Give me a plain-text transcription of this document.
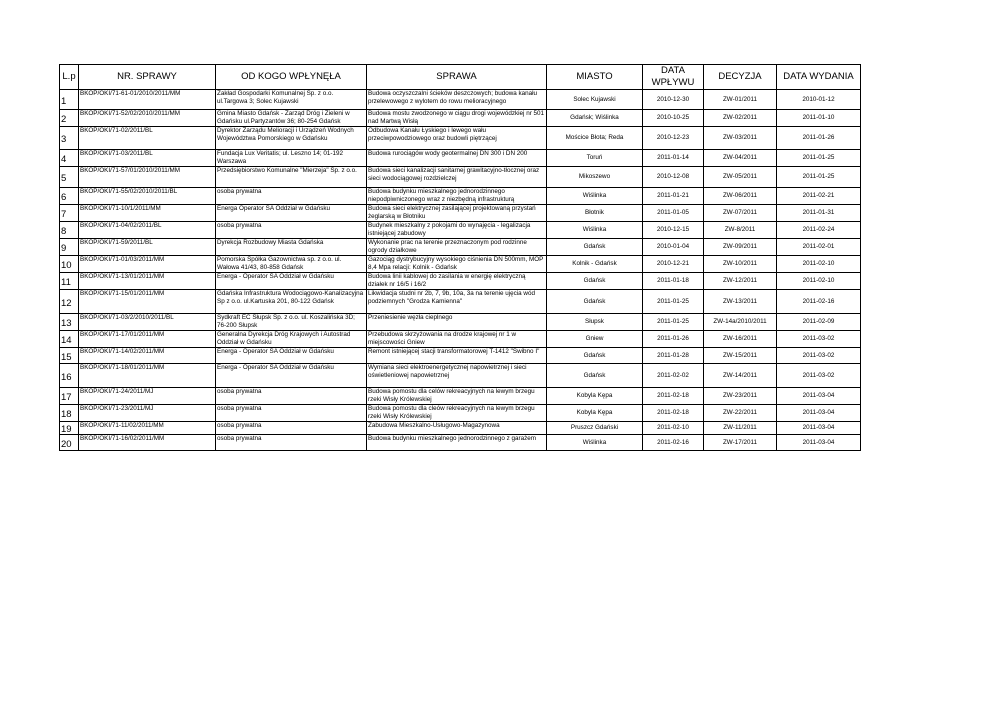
L.p	NR. SPRAWY	OD KOGO WPŁYNĘŁA	SPRAWA	MIASTO	DATA WPŁYWU	DECYZJA	DATA WYDANIA
1	BKOP/OKI/71-61-01/2010/2011/MM	Zakład Gospodarki Komunalnej Sp. z o.o. ul.Targowa 3; Solec Kujawski	Budowa oczyszczalni ścieków deszczowych; budowa kanału przelewowego z wylotem do rowu melioracyjnego	Solec Kujawski	2010-12-30	ZW-01/2011	2010-01-12
2	BKOP/OKI/71-52/02/2010/2011/MM	Gmina Miasto Gdańsk - Zarząd Dróg i Zieleni w Gdańsku ul.Partyzantów 36; 80-254 Gdańsk	Budowa mostu zwodzonego w ciągu drogi wojewódzkiej nr 501 nad Martwą Wisłą	Gdańsk; Wiślinka	2010-10-25	ZW-02/2011	2011-01-10
3	BKOP/OKI/71-02/2011/BL	Dyrektor Zarządu Melioracji i Urządzeń Wodnych Województwa Pomorskiego w Gdańsku	Odbudowa Kanału Łyskiego i lewego wału przeciwpowodziowego oraz budowli piętrzącej	Mościce Błota; Reda	2010-12-23	ZW-03/2011	2011-01-26
4	BKOP/OKI/71-03/2011/BL	Fundacja Lux Veritatis; ul. Leszno 14; 01-192 Warszawa	Budowa rurociągów wody geotermalnej DN 300 i DN 200	Toruń	2011-01-14	ZW-04/2011	2011-01-25
5	BKOP/OKI/71-57/01/2010/2011/MM	Przedsiębiorstwo Komunalne "Mierzeja" Sp. z o.o.	Budowa sieci kanalizacji sanitarnej grawitacyjno-tłocznej oraz sieci wodociągowej rozdzielczej	Mikoszewo	2010-12-08	ZW-05/2011	2011-01-25
6	BKOP/OKI/71-55/02/2010/2011/BL	osoba prywatna	Budowa budynku mieszkalnego jednorodzinnego niepodpiwniczonego wraz z niezbędną infrastrukturą	Wiślinka	2011-01-21	ZW-06/2011	2011-02-21
7	BKOP/OKI/71-10/1/2011/MM	Energa Operator SA Oddział w Gdańsku	Budowa sieci elektrycznej zasilającej projektowaną przystań żeglarską w Błotniku	Błotnik	2011-01-05	ZW-07/2011	2011-01-31
8	BKOP/OKI/71-04/02/2011/BL	osoba prywatna	Budynek mieszkalny z pokojami do wynajęcia - legalizacja istniejącej zabudowy	Wiślinka	2010-12-15	ZW-8/2011	2011-02-24
9	BKOP/OKI/71-59/2011/BL	Dyrekcja Rozbudowy Miasta Gdańska	Wykonanie prac na terenie przeznaczonym pod rodzinne ogrody działkowe	Gdańsk	2010-01-04	ZW-09/2011	2011-02-01
10	BKOP/OKI/71-01/03/2011/MM	Pomorska Spółka Gazownictwa sp. z o.o. ul. Wałowa 41/43, 80-858 Gdańsk	Gazociąg dystrybucyjny wysokiego ciśnienia DN 500mm, MOP 8,4 Mpa relacji: Kolnik - Gdańsk	Kolnik - Gdańsk	2010-12-21	ZW-10/2011	2011-02-10
11	BKOP/OKI/71-13/01/2011/MM	Energa - Operator SA Oddział w Gdańsku	Budowa linii kablowej do zasilania w energię elektryczną działek nr 16/5 i 16/2	Gdańsk	2011-01-18	ZW-12/2011	2011-02-10
12	BKOP/OKI/71-15/01/2011/MM	Gdańska Infrastruktura Wodociągowo-Kanalizacyjna Sp z o.o. ul.Kartuska 201, 80-122 Gdańsk	Likwidacja studni nr 2b, 7, 9b, 10a, 3a na terenie ujęcia wód podziemnych "Grodza Kamienna"	Gdańsk	2011-01-25	ZW-13/2011	2011-02-16
13	BKOP/OKI/71-03/2/2010/2011/BL	Sydkraft EC Słupsk Sp. z o.o. ul. Koszalińska 3D; 76-200 Słupsk	Przeniesienie węzła cieplnego	Słupsk	2011-01-25	ZW-14a/2010/2011	2011-02-09
14	BKOP/OKI/71-17/01/2011/MM	Generalna Dyrekcja Dróg Krajowych i Autostrad Oddział w Gdańsku	Przebudowa skrzyżowania na drodze krajowej nr 1 w miejscowości Gniew	Gniew	2011-01-26	ZW-16/2011	2011-03-02
15	BKOP/OKI/71-14/02/2011/MM	Energa - Operator SA Oddział w Gdańsku	Remont istniejącej stacji transformatorowej T-1412 "Świbno I"	Gdańsk	2011-01-28	ZW-15/2011	2011-03-02
16	BKOP/OKI/71-18/01/2011/MM	Energa - Operator SA Oddział w Gdańsku	Wymiana sieci elektroenergetycznej napowietrznej i sieci oświetleniowej napowietrznej	Gdańsk	2011-02-02	ZW-14/2011	2011-03-02
17	BKOP/OKI/71-24/2011/MJ	osoba prywatna	Budowa pomostu dla celów rekreacyjnych na lewym brzegu rzeki Wisły Królewskiej	Kobyla Kępa	2011-02-18	ZW-23/2011	2011-03-04
18	BKOP/OKI/71-23/2011/MJ	osoba prywatna	Budowa pomostu dla cleów rekreacyjnych na lewym brzegu rzeki Wisły Królewskiej	Kobyla Kępa	2011-02-18	ZW-22/2011	2011-03-04
19	BKOP/OKI/71-11/02/2011/MM	osoba prywatna	Zabudowa Mieszkalno-Usługowo-Magazynowa	Pruszcz Gdański	2011-02-10	ZW-11/2011	2011-03-04
20	BKOP/OKI/71-16/02/2011/MM	osoba prywatna	Budowa budynku mieszkalnego jednorodzinnego z garażem	Wiślinka	2011-02-16	ZW-17/2011	2011-03-04
